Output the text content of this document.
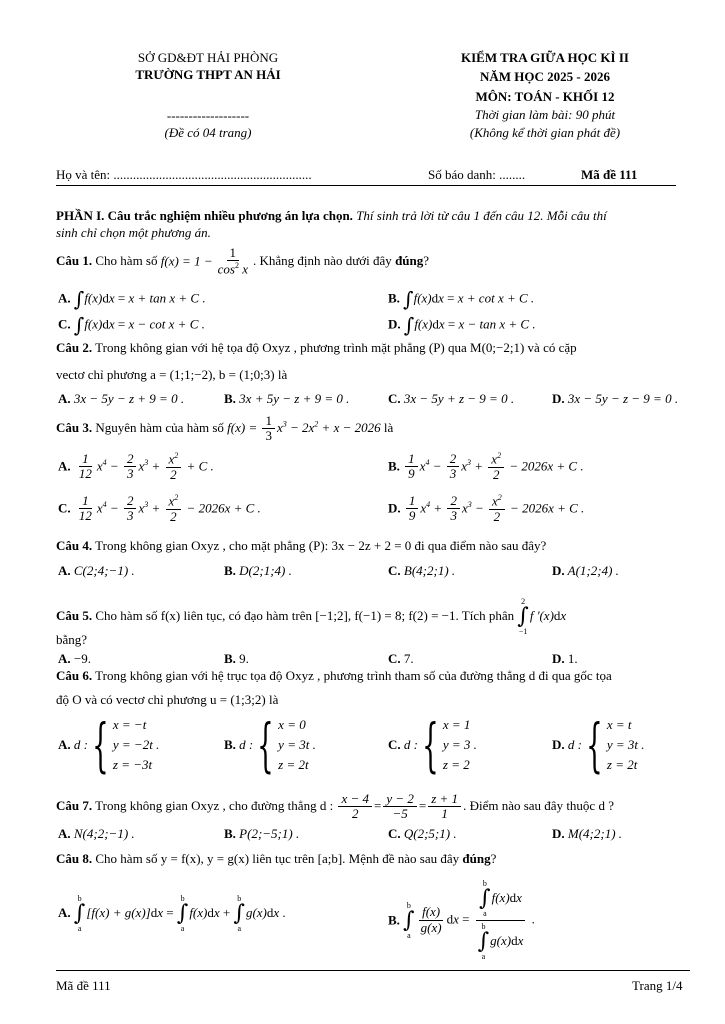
SỞ GD&ĐT HẢI PHÒNG
TRƯỜNG THPT AN HẢI
-------------------
(Đề có 04 trang)
KIỂM TRA GIỮA HỌC KÌ II
NĂM HỌC 2025 - 2026
MÔN: TOÁN - KHỐI 12
Thời gian làm bài: 90 phút
(Không kể thời gian phát đề)
Họ và tên: .............................................................	Số báo danh: ........	Mã đề 111
PHẦN I. Câu trắc nghiệm nhiều phương án lựa chọn. Thí sinh trả lời từ câu 1 đến câu 12. Mỗi câu thí
sinh chỉ chọn một phương án.
Câu 1. Cho hàm số $f(x) = 1 - \frac{1}{\cos^2 x}$ . Khẳng định nào dưới đây đúng?
A. ∫f(x)dx = x + tan x + C .	B. ∫f(x)dx = x + cot x + C .
C. ∫f(x)dx = x − cot x + C .	D. ∫f(x)dx = x − tan x + C .
Câu 2. Trong không gian với hệ tọa độ Oxyz , phương trình mặt phẳng (P) qua M(0;−2;1) và có cặp
vectơ chỉ phương a = (1;1;−2), b = (1;0;3) là
A. 3x − 5y − z + 9 = 0 .	B. 3x + 5y − z + 9 = 0 .	C. 3x − 5y + z − 9 = 0 .	D. 3x − 5y − z − 9 = 0 .
Câu 3. Nguyên hàm của hàm số $f(x) = \frac{1}{3} x^3 - 2x^2 + x - 2026$ là
A. $\frac{1}{12} x^4 - \frac{2}{3} x^3 + \frac{x^2}{2} + C$ .	B. $\frac{1}{9} x^4 - \frac{2}{3} x^3 + \frac{x^2}{2} - 2026x + C$ .
C. $\frac{1}{12} x^4 - \frac{2}{3} x^3 + \frac{x^2}{2} - 2026x + C$ .	D. $\frac{1}{9} x^4 + \frac{2}{3} x^3 - \frac{x^2}{2} - 2026x + C$ .
Câu 4. Trong không gian Oxyz , cho mặt phẳng (P): 3x − 2z + 2 = 0 đi qua điểm nào sau đây?
A. C(2;4;−1) .	B. D(2;1;4) .	C. B(4;2;1) .	D. A(1;2;4) .
Câu 5. Cho hàm số f(x) liên tục, có đạo hàm trên [−1;2], f(−1) = 8; f(2) = −1. Tích phân
2
∫
−1
f '(x)dx
bằng?
A. −9.	B. 9.	C. 7.	D. 1.
Câu 6. Trong không gian với hệ trục tọa độ Oxyz , phương trình tham số của đường thẳng d đi qua gốc tọa
độ O và có vectơ chỉ phương u = (1;3;2) là
A.
d : { x = −t
y = −2t .
z = −3t
B.
d : { x = 0
y = 3t .
z = 2t
C.
d : { x = 1
y = 3 .
z = 2
D.
d : { x = t
y = 3t .
z = 2t
Câu 7. Trong không gian Oxyz , cho đường thẳng d : $\frac{x - 4}{2} = \frac{y - 2}{-5} = \frac{z + 1}{1}$ . Điểm nào sau đây thuộc d ?
A. N(4;2;−1) .	B. P(2;−5;1) .	C. Q(2;5;1) .	D. M(4;2;1) .
Câu 8. Cho hàm số y = f(x), y = g(x) liên tục trên [a;b]. Mệnh đề nào sau đây đúng?
A.
b
∫
a
[f(x) + g(x)]dx =
b
∫
a
f(x)dx +
b
∫
a
g(x)dx .	B.
b
∫
a $\frac{f(x)}{g(x)}$ dx = b
∫
a
f(x)dx
b
∫
a
g(x)dx .
Mã đề 111	Trang 1/4
